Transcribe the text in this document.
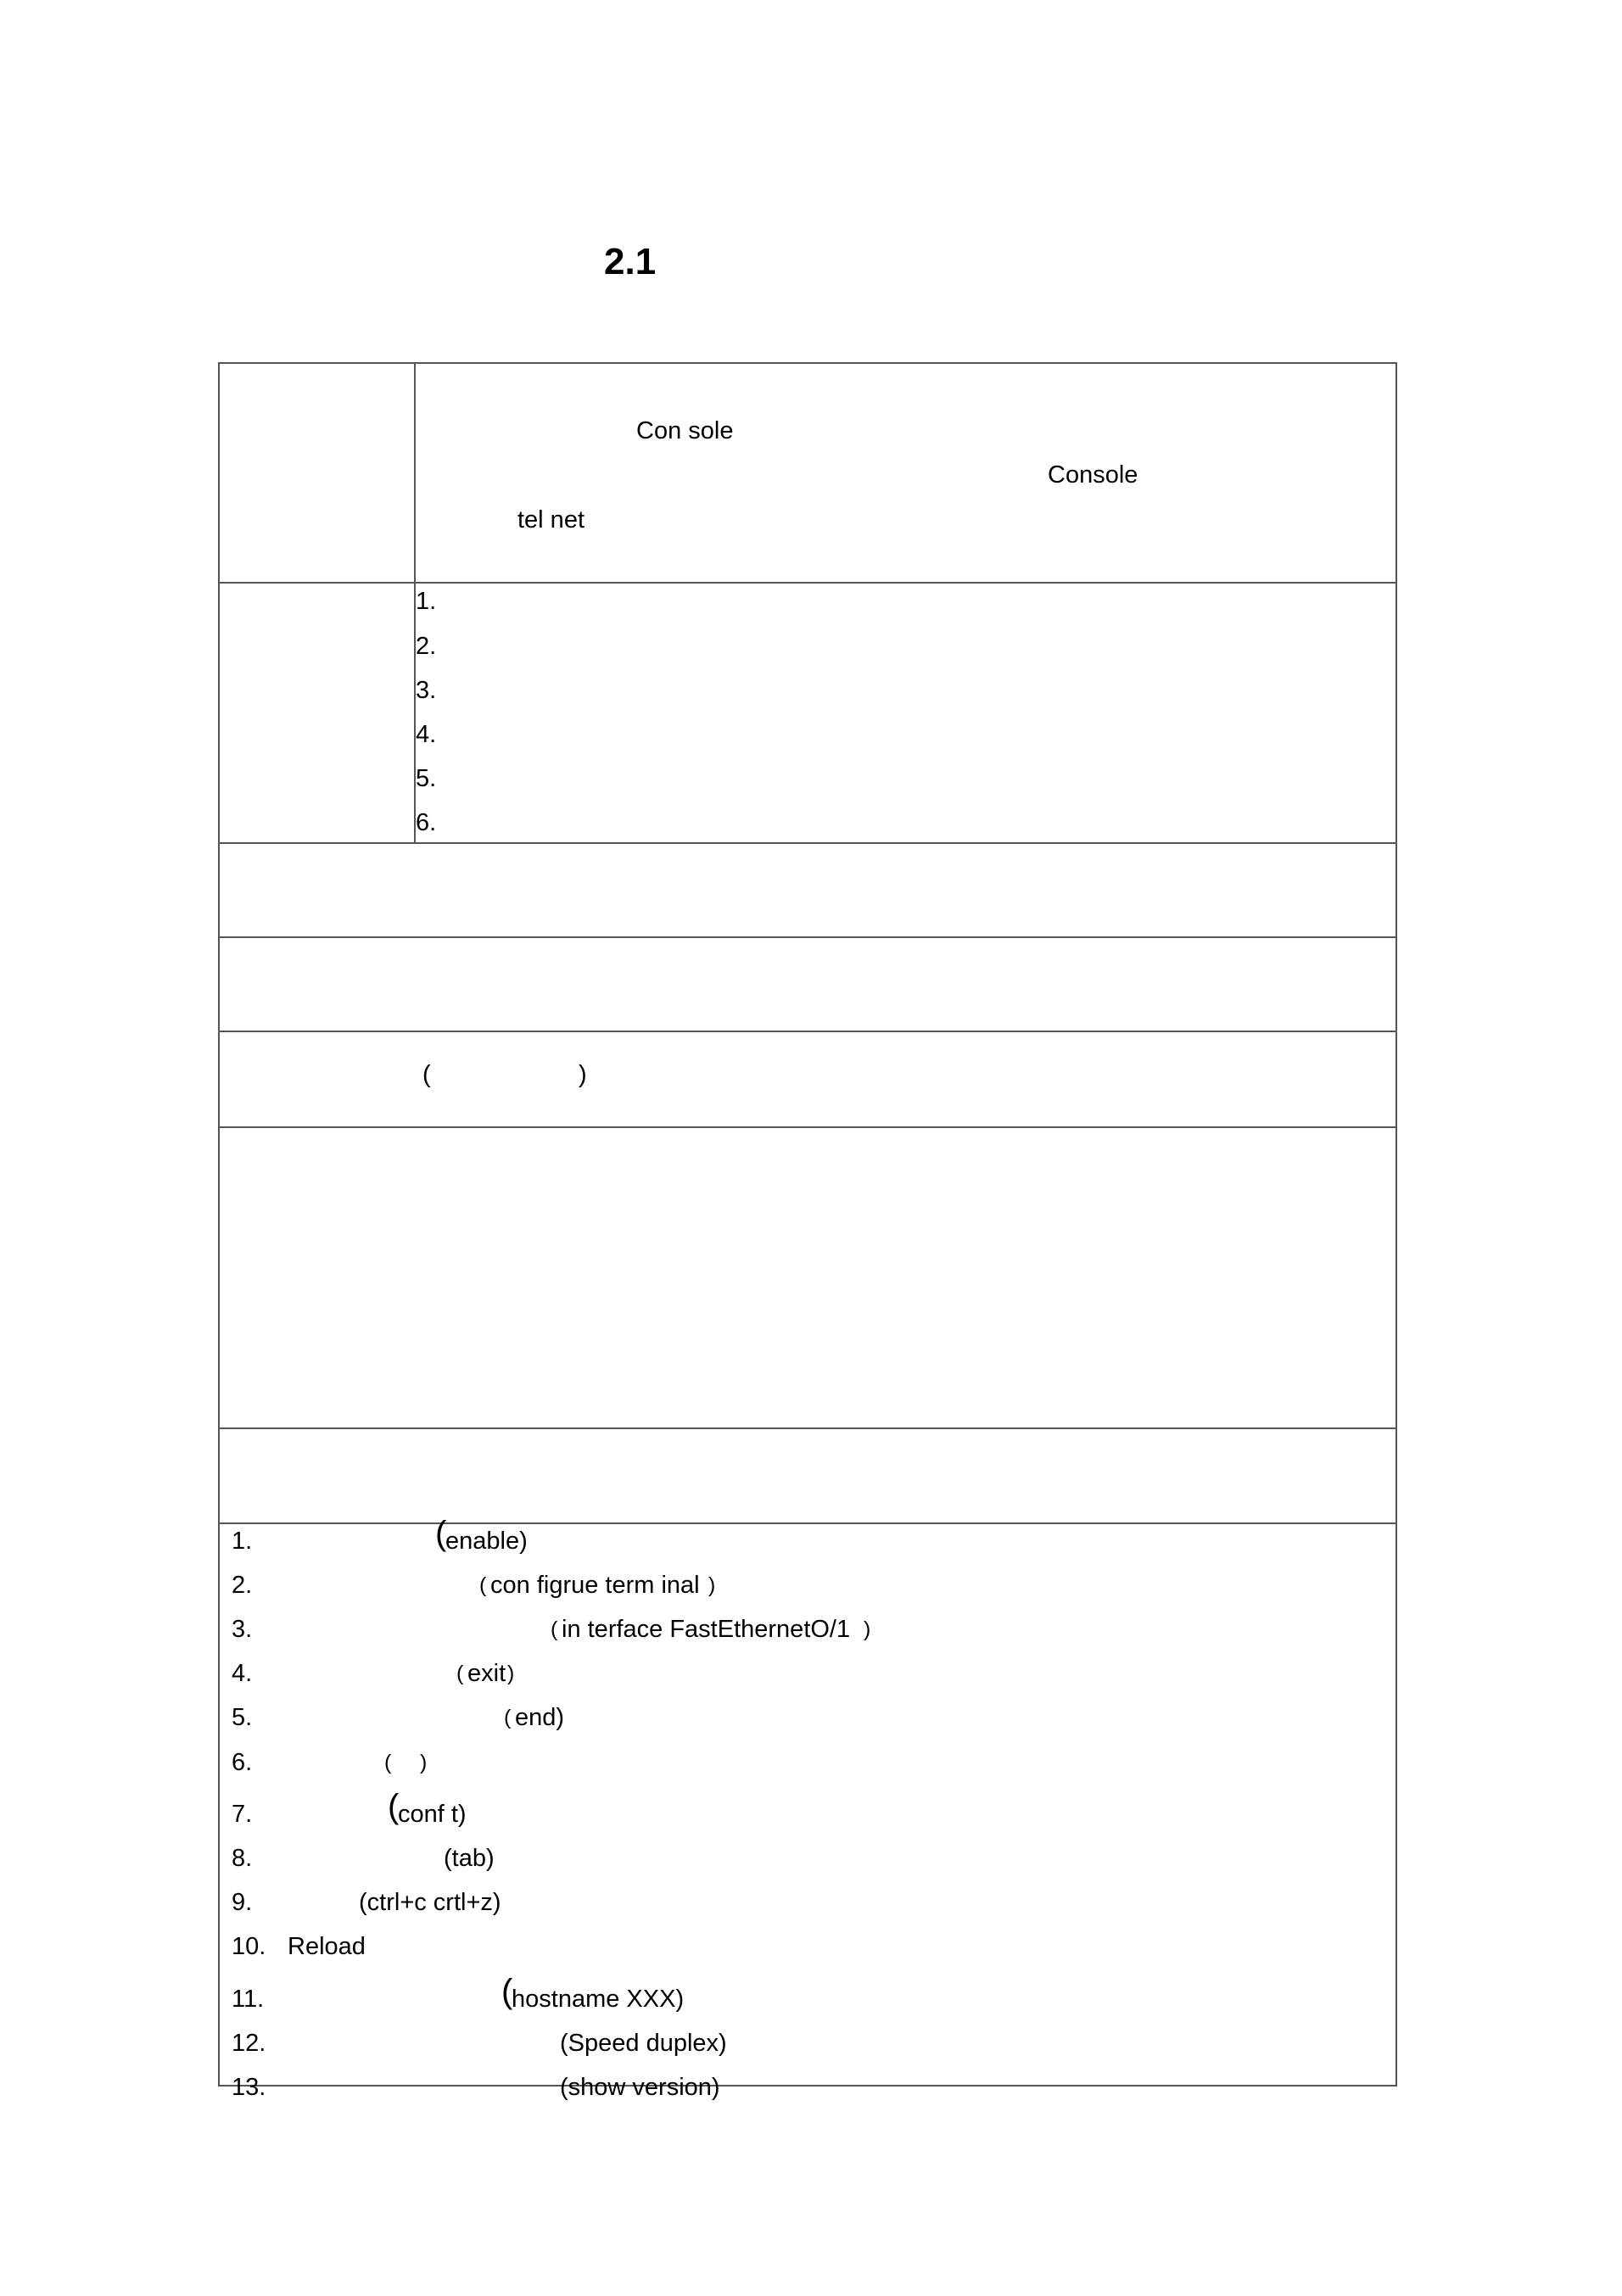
2.1
Con sole
Console
tel net
1.
2.
3.
4.
5.
6.
(	)
1.	(
enable)
2.	( con figrue term inal )
3.	( in terface FastEthernetO/1 )
4.	( exit )
5.	( end)
6.	( )
7.	(
conf t)
8.	(tab)
9.	(ctrl+c crtl+z)
10. Reload
11.	(
hostname XXX)
12.	(Speed duplex)
13.	(show version)
